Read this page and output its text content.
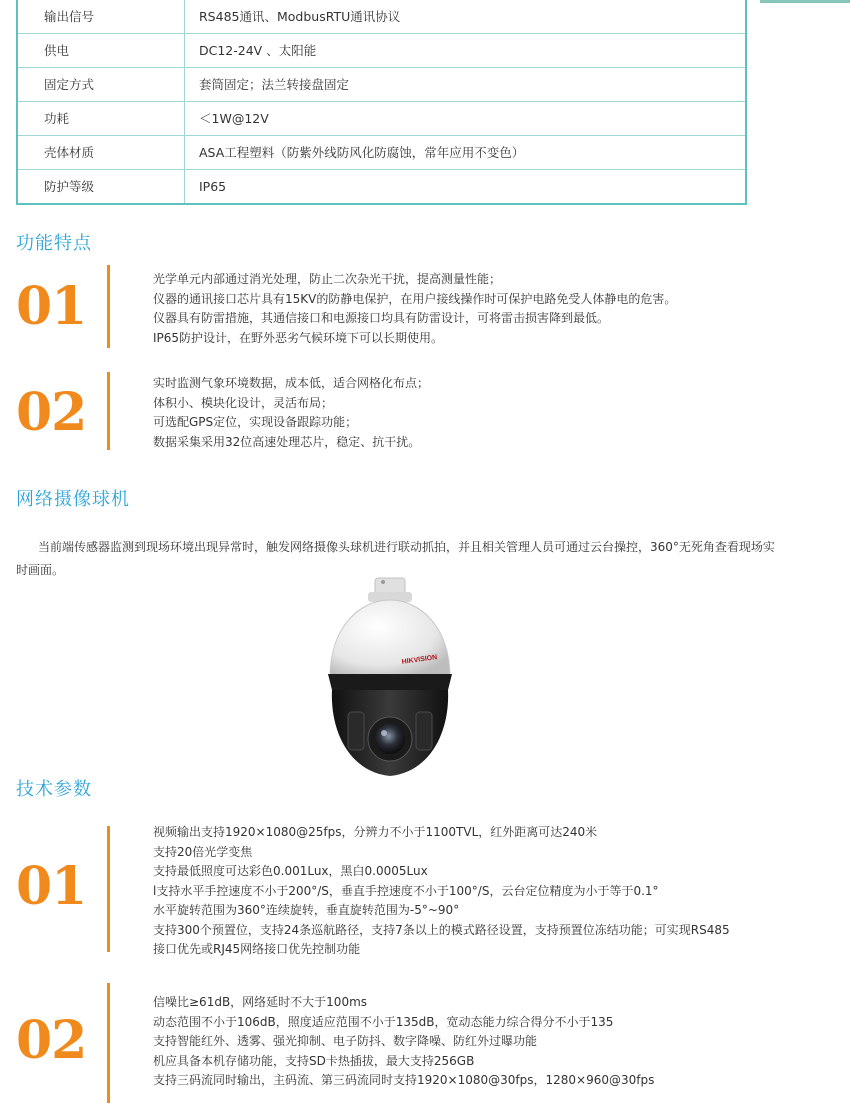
输出信号	RS485通讯、ModbusRTU通讯协议
供电	DC12-24V 、太阳能
固定方式	套筒固定；法兰转接盘固定
功耗	＜1W@12V
壳体材质	ASA工程塑料（防紫外线防风化防腐蚀，常年应用不变色）
防护等级	IP65
功能特点
01	光学单元内部通过消光处理，防止二次杂光干扰，提高测量性能；
仪器的通讯接口芯片具有15KV的防静电保护，在用户接线操作时可保护电路免受人体静电的危害。
仪器具有防雷措施，其通信接口和电源接口均具有防雷设计，可将雷击损害降到最低。
IP65防护设计，在野外恶劣气候环境下可以长期使用。
02	实时监测气象环境数据，成本低，适合网格化布点；
体积小、模块化设计，灵活布局；
可选配GPS定位，实现设备跟踪功能；
数据采集采用32位高速处理芯片，稳定、抗干扰。
网络摄像球机
当前端传感器监测到现场环境出现异常时，触发网络摄像头球机进行联动抓拍，并且相关管理人员可通过云台操控，360°无死角查看现场实时画面。
HIKVISION
技术参数
01
视频输出支持1920×1080@25fps，分辨力不小于1100TVL，红外距离可达240米
支持20倍光学变焦
支持最低照度可达彩色0.001Lux，黑白0.0005Lux
l支持水平手控速度不小于200°/S，垂直手控速度不小于100°/S，云台定位精度为小于等于0.1°
水平旋转范围为360°连续旋转，垂直旋转范围为-5°~90°
支持300个预置位，支持24条巡航路径，支持7条以上的模式路径设置，支持预置位冻结功能；可实现RS485
接口优先或RJ45网络接口优先控制功能
02
信噪比≥61dB，网络延时不大于100ms
动态范围不小于106dB，照度适应范围不小于135dB，宽动态能力综合得分不小于135
支持智能红外、透雾、强光抑制、电子防抖、数字降噪、防红外过曝功能
机应具备本机存储功能，支持SD卡热插拔，最大支持256GB
支持三码流同时输出，主码流、第三码流同时支持1920×1080@30fps，1280×960@30fps
